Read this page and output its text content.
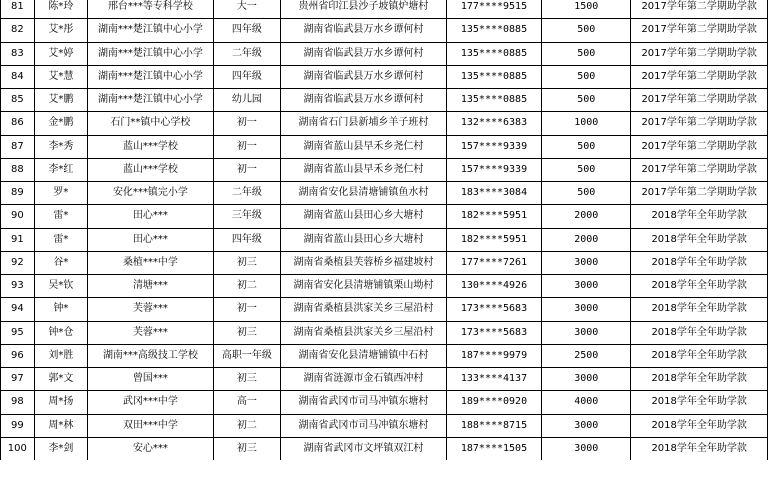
81	陈*玲	邢台***等专科学校	大一	贵州省印江县沙子坡镇炉塘村	177****9515	1500	2017学年第二学期助学款
82	艾*彤	湖南***楚江镇中心小学	四年级	湖南省临武县万水乡谭何村	135****0885	500	2017学年第二学期助学款
83	艾*婷	湖南***楚江镇中心小学	二年级	湖南省临武县万水乡谭何村	135****0885	500	2017学年第二学期助学款
84	艾*慧	湖南***楚江镇中心小学	四年级	湖南省临武县万水乡谭何村	135****0885	500	2017学年第二学期助学款
85	艾*鹏	湖南***楚江镇中心小学	幼儿园	湖南省临武县万水乡谭何村	135****0885	500	2017学年第二学期助学款
86	金*鹏	石门**镇中心学校	初一	湖南省石门县新埔乡羊子班村	132****6383	1000	2017学年第二学期助学款
87	李*秀	蓝山***学校	初一	湖南省蓝山县早禾乡尧仁村	157****9339	500	2017学年第二学期助学款
88	李*红	蓝山***学校	初一	湖南省蓝山县早禾乡尧仁村	157****9339	500	2017学年第二学期助学款
89	罗*	安化***镇完小学	二年级	湖南省安化县清塘铺镇鱼水村	183****3084	500	2017学年第二学期助学款
90	雷*	田心***	三年级	湖南省蓝山县田心乡大塘村	182****5951	2000	2018学年全年助学款
91	雷*	田心***	四年级	湖南省蓝山县田心乡大塘村	182****5951	2000	2018学年全年助学款
92	谷*	桑植***中学	初三	湖南省桑植县芙蓉桥乡福建坡村	177****7261	3000	2018学年全年助学款
93	吴*钦	清塘***	初二	湖南省安化县清塘铺镇栗山坳村	130****4926	3000	2018学年全年助学款
94	钟*	芙蓉***	初一	湖南省桑植县洪家关乡三屋沿村	173****5683	3000	2018学年全年助学款
95	钟*仓	芙蓉***	初三	湖南省桑植县洪家关乡三屋沿村	173****5683	3000	2018学年全年助学款
96	刘*胜	湖南***高级技工学校	高职一年级	湖南省安化县清塘铺镇中石村	187****9979	2500	2018学年全年助学款
97	郭*文	曾国***	初三	湖南省涟源市金石镇西冲村	133****4137	3000	2018学年全年助学款
98	周*扬	武冈***中学	高一	湖南省武冈市司马冲镇东塘村	189****0920	4000	2018学年全年助学款
99	周*林	双田***中学	初二	湖南省武冈市司马冲镇东塘村	188****8715	3000	2018学年全年助学款
100	李*剑	安心***	初三	湖南省武冈市文坪镇双江村	187****1505	3000	2018学年全年助学款
